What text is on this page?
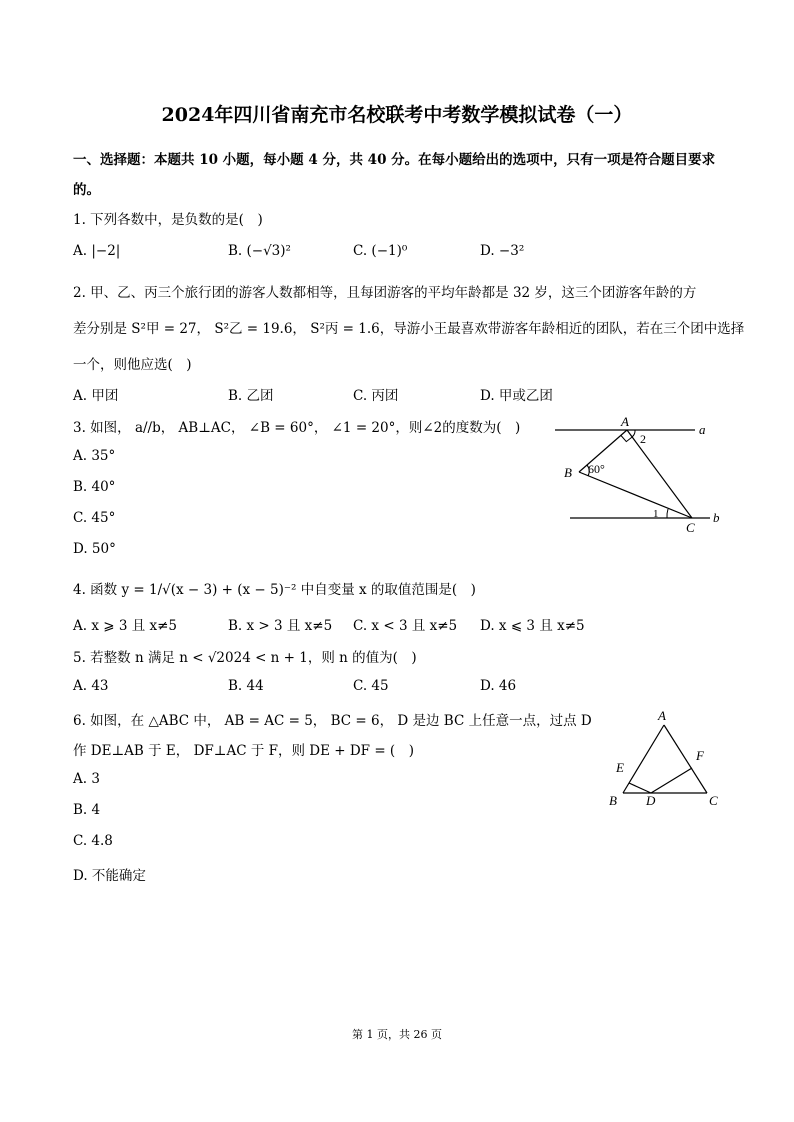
2024年四川省南充市名校联考中考数学模拟试卷（一）
一、选择题：本题共 10 小题，每小题 4 分，共 40 分。在每小题给出的选项中，只有一项是符合题目要求
的。
1. 下列各数中，是负数的是(　)
A. |−2|	B. (−√3)²	C. (−1)⁰	D. −3²
2. 甲、乙、丙三个旅行团的游客人数都相等，且每团游客的平均年龄都是 32 岁，这三个团游客年龄的方
差分别是 S²甲 = 27， S²乙 = 19.6， S²丙 = 1.6，导游小王最喜欢带游客年龄相近的团队，若在三个团中选择
一个，则他应选(　)
A. 甲团	B. 乙团	C. 丙团	D. 甲或乙团
3. 如图， a//b， AB⊥AC， ∠B = 60°， ∠1 = 20°，则∠2的度数为(　)
A. 35°
B. 40°
C. 45°
D. 50°
A
2
a
B 60°
1
C
b
4. 函数 y = 1/√(x − 3) + (x − 5)⁻² 中自变量 x 的取值范围是(　)
A. x ⩾ 3 且 x≠5	B. x > 3 且 x≠5 C. x < 3 且 x≠5 D. x ⩽ 3 且 x≠5
5. 若整数 n 满足 n < √2024 < n + 1，则 n 的值为(　)
A. 43	B. 44	C. 45	D. 46
6. 如图，在 △ABC 中， AB = AC = 5， BC = 6， D 是边 BC 上任意一点，过点 D
作 DE⊥AB 于 E， DF⊥AC 于 F，则 DE + DF = (　)
A. 3
B. 4
C. 4.8
D. 不能确定
A
E
F
B D	C
第 1 页，共 26 页
